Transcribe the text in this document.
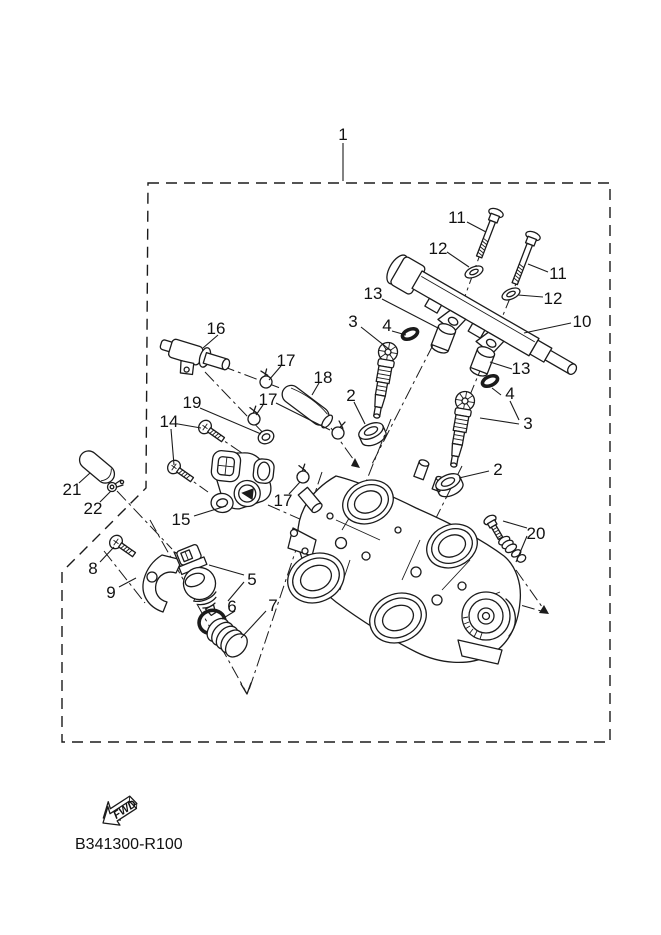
1
11
12
11
12
13
3 4	10
16
17
18	13
4
2
17
19
14	3
2
21
22	17
15
20
8
9
5
6 7
FWD
B341300-R100
